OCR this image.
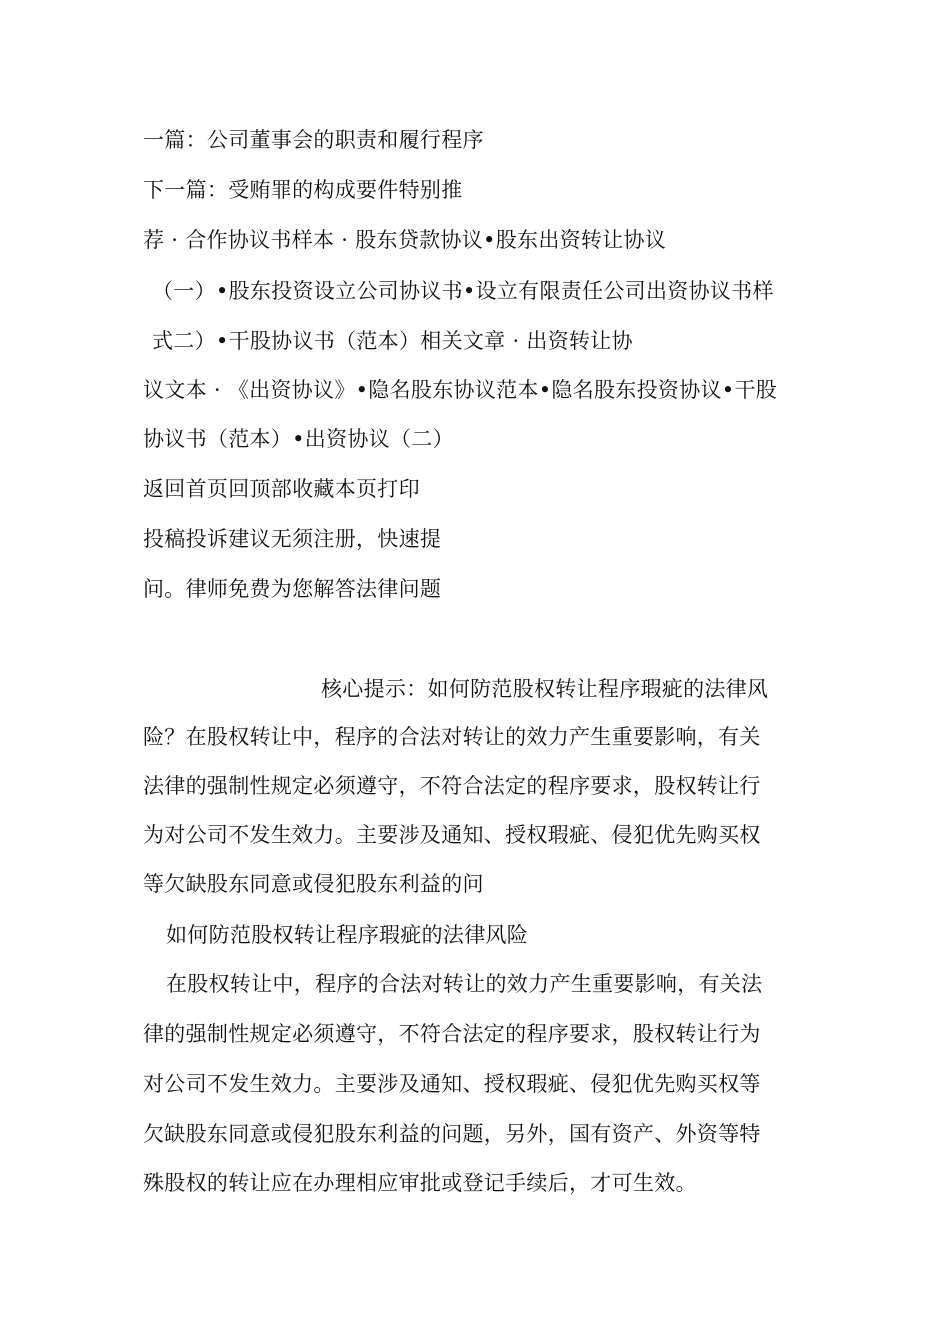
一篇：公司董事会的职责和履行程序
下一篇：受贿罪的构成要件特别推
荐 · 合作协议书样本 · 股东贷款协议•股东出资转让协议
（一）•股东投资设立公司协议书•设立有限责任公司出资协议书样
式二）•干股协议书（范本）相关文章 · 出资转让协
议文本 · 《出资协议》•隐名股东协议范本•隐名股东投资协议•干股
协议书（范本）•出资协议（二）
返回首页回顶部收藏本页打印
投稿投诉建议无须注册，快速提
问。律师免费为您解答法律问题
核心提示：如何防范股权转让程序瑕疵的法律风
险？在股权转让中，程序的合法对转让的效力产生重要影响，有关
法律的强制性规定必须遵守，不符合法定的程序要求，股权转让行
为对公司不发生效力。主要涉及通知、授权瑕疵、侵犯优先购买权
等欠缺股东同意或侵犯股东利益的问
如何防范股权转让程序瑕疵的法律风险
在股权转让中，程序的合法对转让的效力产生重要影响，有关法
律的强制性规定必须遵守，不符合法定的程序要求，股权转让行为
对公司不发生效力。主要涉及通知、授权瑕疵、侵犯优先购买权等
欠缺股东同意或侵犯股东利益的问题，另外，国有资产、外资等特
殊股权的转让应在办理相应审批或登记手续后，才可生效。
